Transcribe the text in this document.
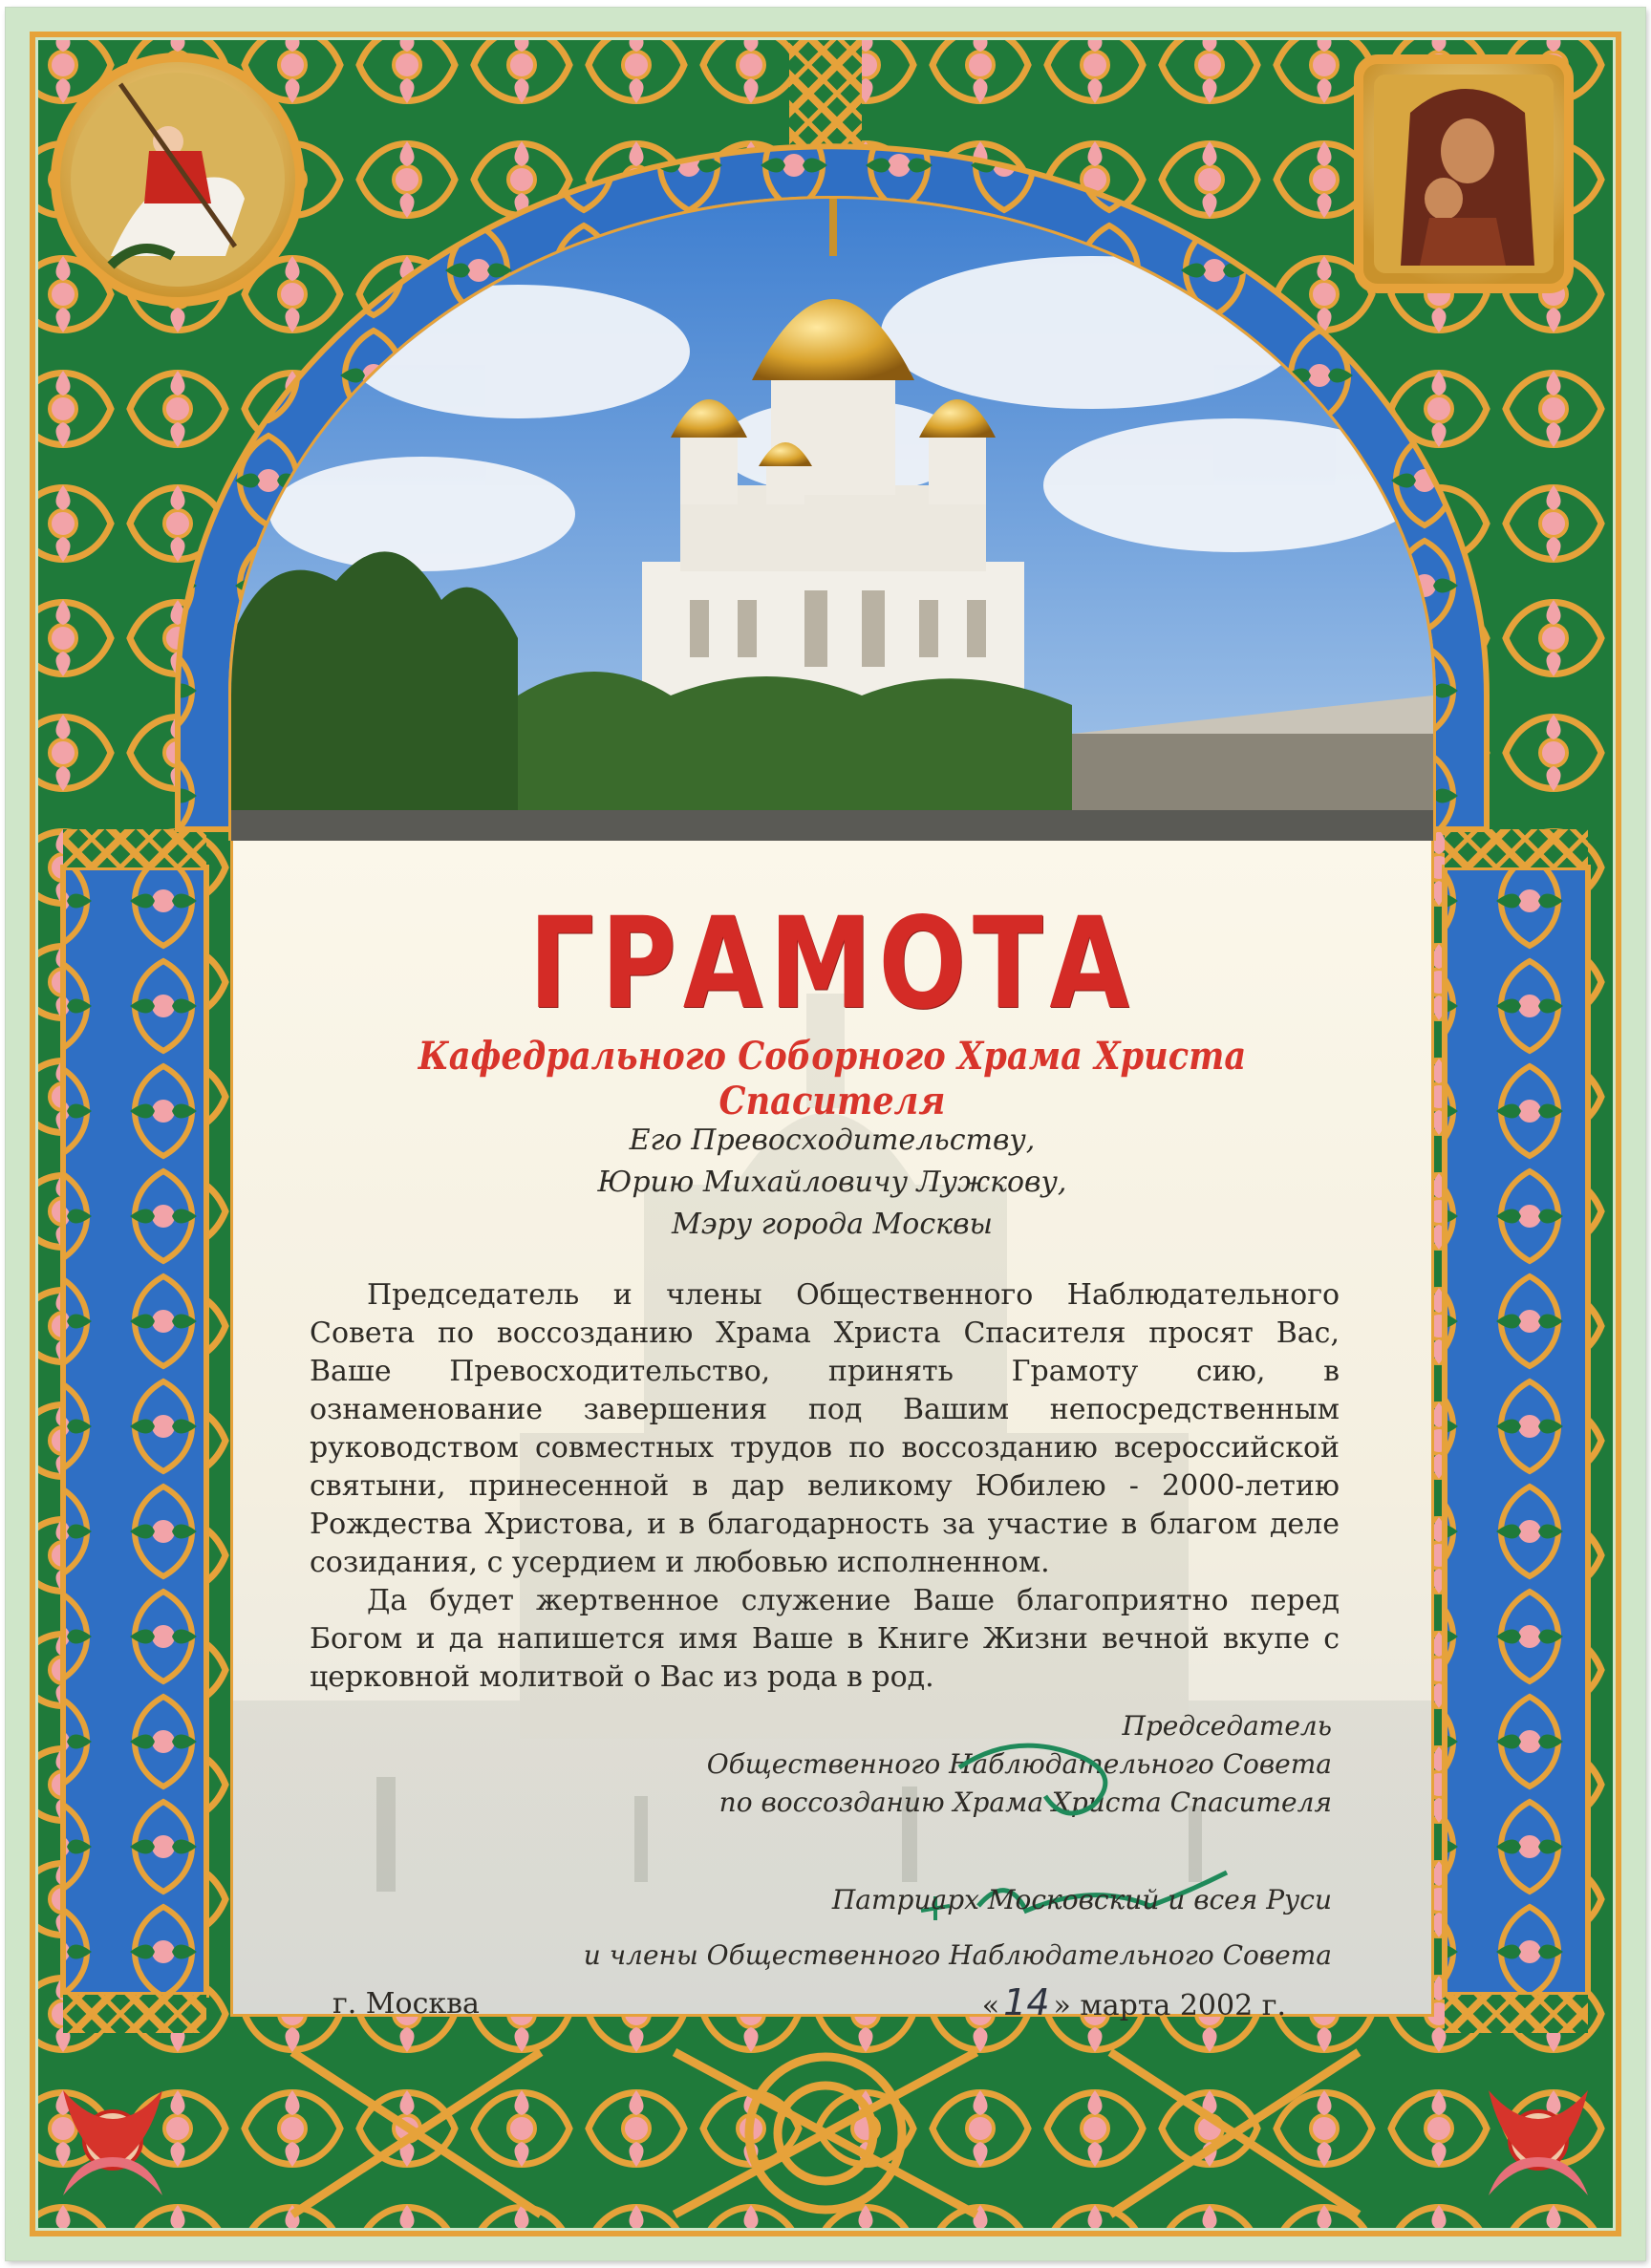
ГРАМОТА
Кафедрального Соборного Храма Христа Спасителя
Его Превосходительству,
Юрию Михайловичу Лужкову,
Мэру города Москвы
Председатель и члены Общественного Наблюдательного
Совета по воссозданию Храма Христа Спасителя просят Вас,
Ваше Превосходительство, принять Грамоту сию, в
ознаменование завершения под Вашим непосредственным
руководством совместных трудов по воссозданию всероссийской
святыни, принесенной в дар великому Юбилею - 2000-летию
Рождества Христова, и в благодарность за участие в благом деле
созидания, с усердием и любовью исполненном.
Да будет жертвенное служение Ваше благоприятно перед
Богом и да напишется имя Ваше в Книге Жизни вечной вкупе с
церковной молитвой о Вас из рода в род.
Председатель
Общественного Наблюдательного Совета
по воссозданию Храма Христа Спасителя
Патриарх Московский и всея Руси
и члены Общественного Наблюдательного Совета
г. Москва	« 14 » марта 2002 г.
